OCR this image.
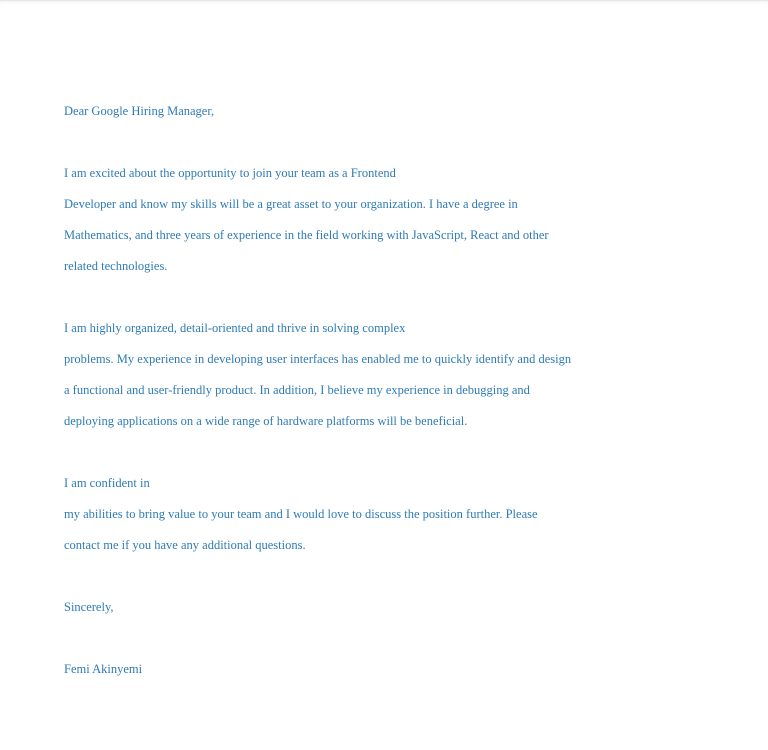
Dear Google Hiring Manager,
I am excited about the opportunity to join your team as a Frontend
Developer and know my skills will be a great asset to your organization. I have a degree in
Mathematics, and three years of experience in the field working with JavaScript, React and other
related technologies.
I am highly organized, detail-oriented and thrive in solving complex
problems. My experience in developing user interfaces has enabled me to quickly identify and design
a functional and user-friendly product. In addition, I believe my experience in debugging and
deploying applications on a wide range of hardware platforms will be beneficial.
I am confident in
my abilities to bring value to your team and I would love to discuss the position further. Please
contact me if you have any additional questions.
Sincerely,
Femi Akinyemi
